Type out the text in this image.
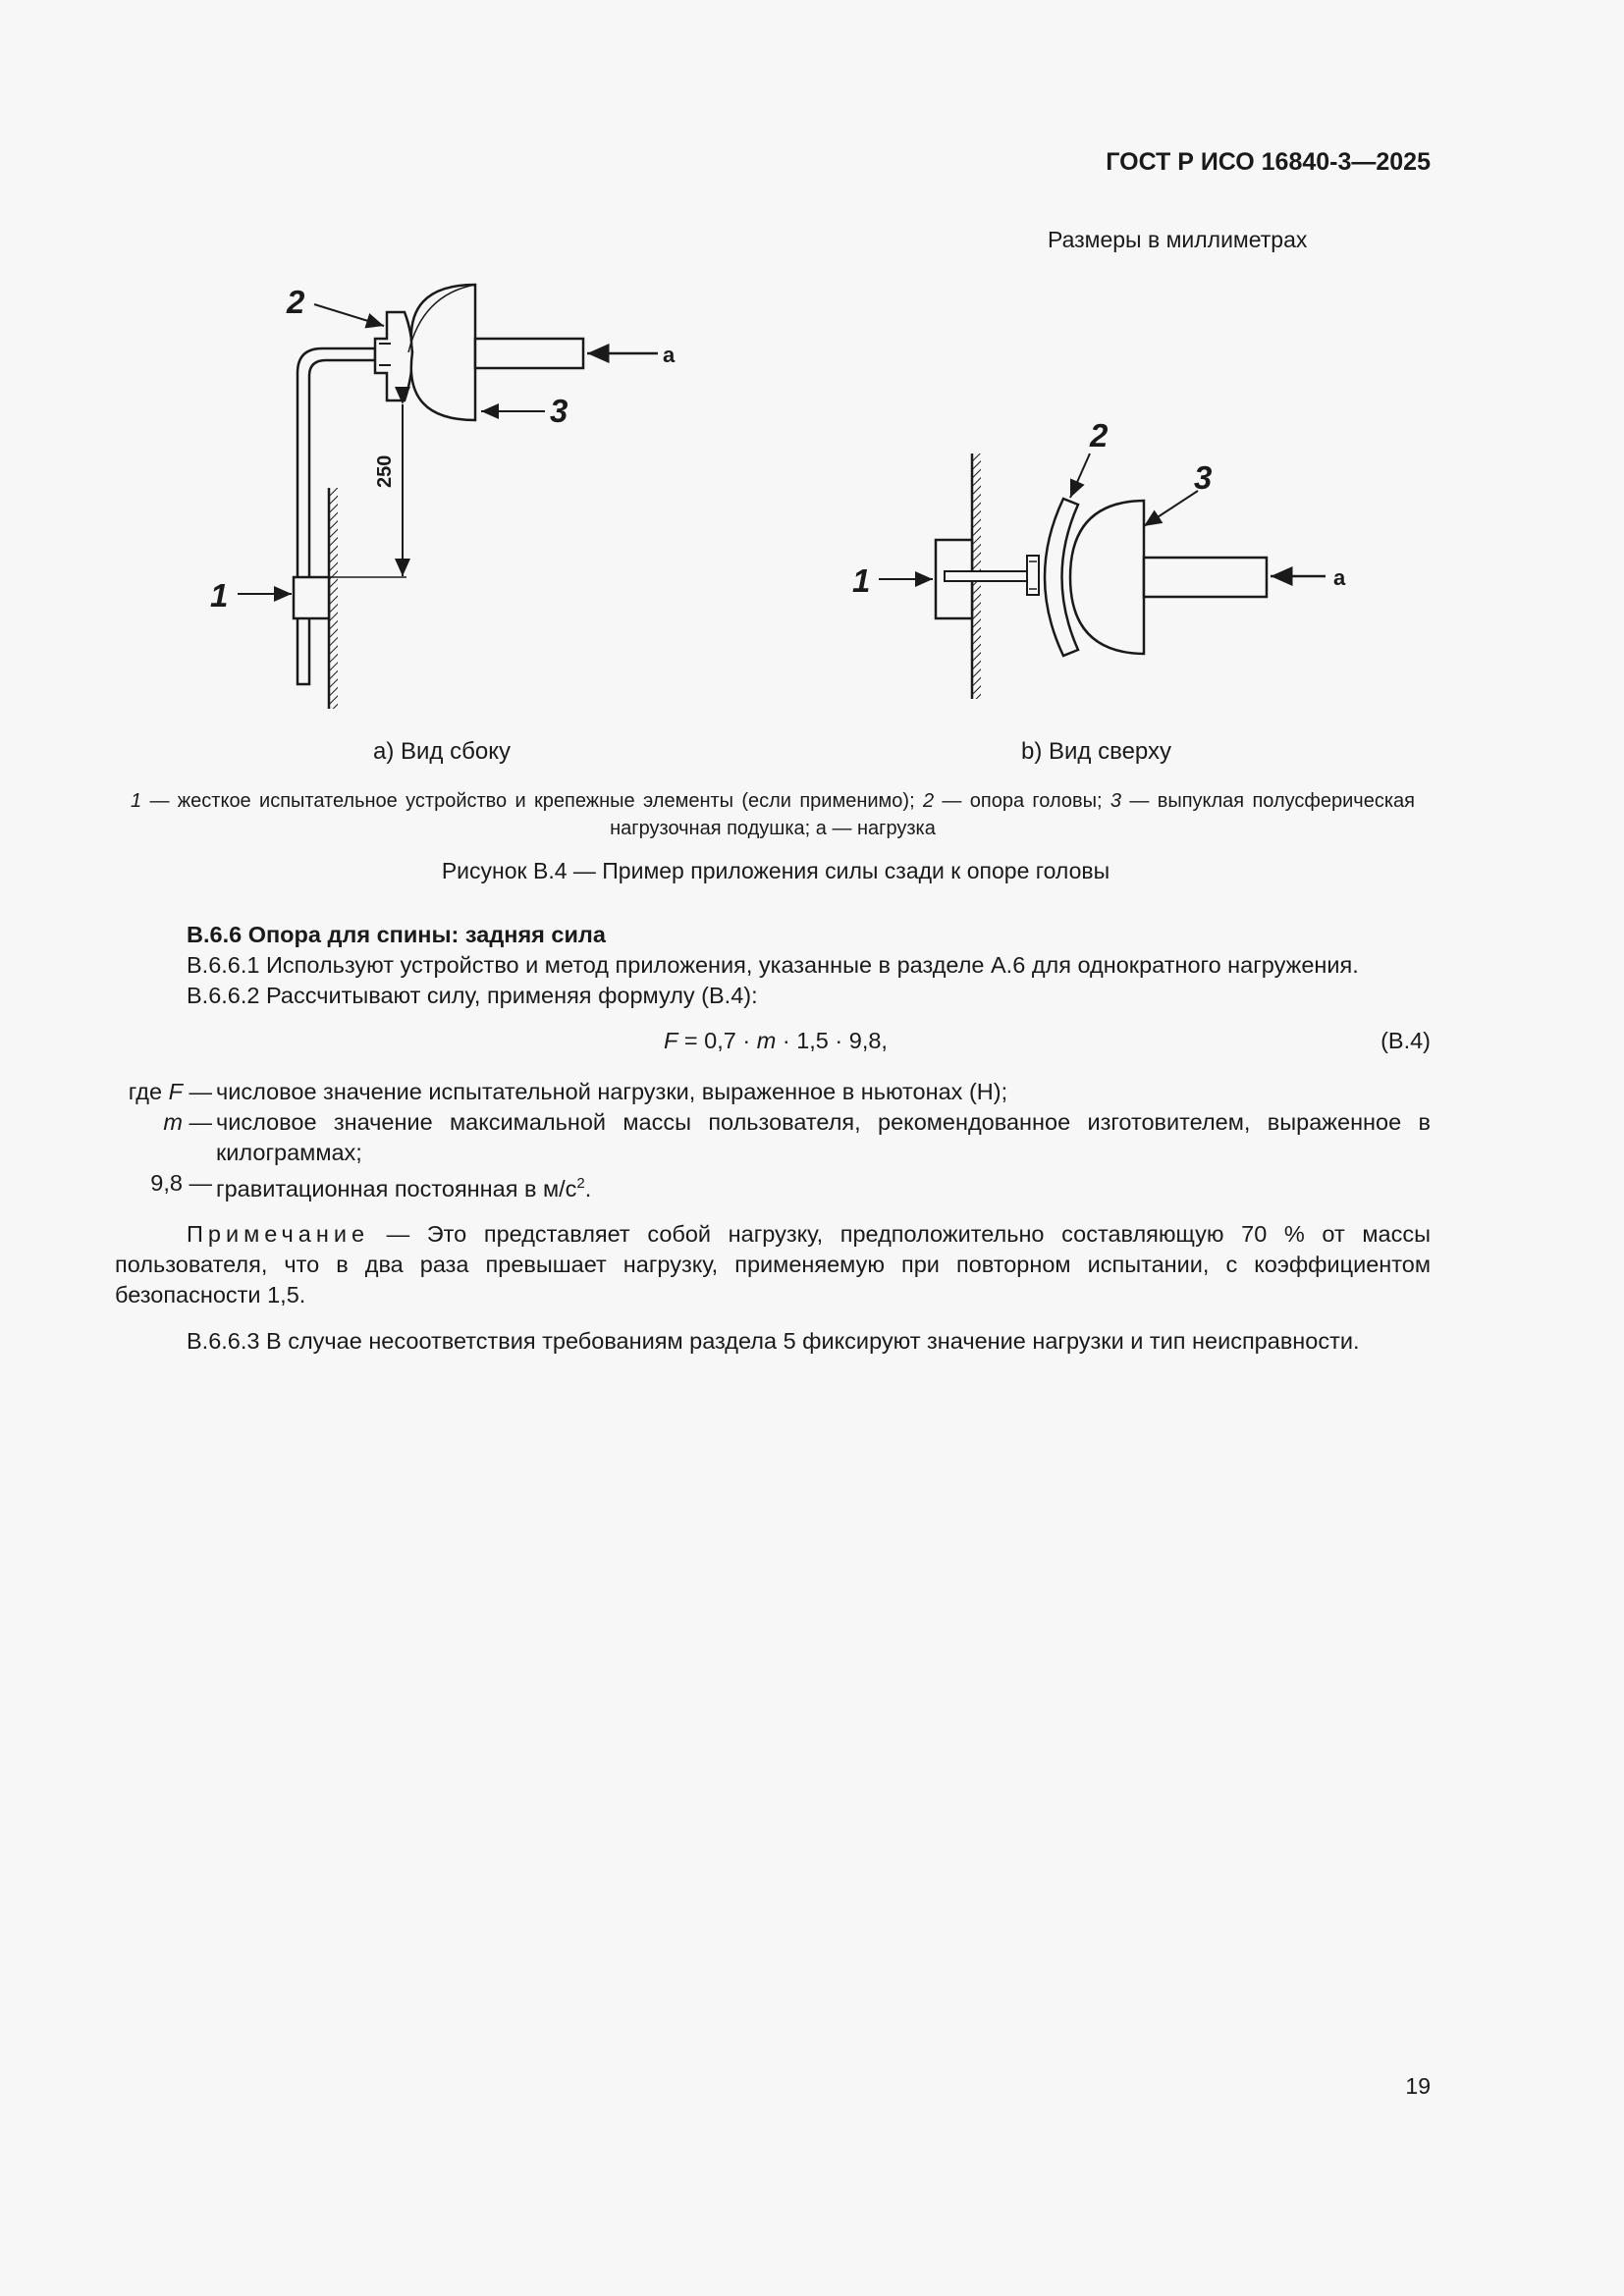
ГОСТ Р ИСО 16840-3—2025
Размеры в миллиметрах
a
2
3
1
250
a
1
2
3
a) Вид сбоку	b) Вид сверху
1 — жесткое испытательное устройство и крепежные элементы (если применимо); 2 — опора головы; 3 — выпуклая полусферическая нагрузочная подушка; а — нагрузка
Рисунок В.4 — Пример приложения силы сзади к опоре головы
В.6.6 Опора для спины: задняя сила
В.6.6.1 Используют устройство и метод приложения, указанные в разделе А.6 для однократного нагружения.
В.6.6.2 Рассчитывают силу, применяя формулу (В.4):
F = 0,7 · m · 1,5 · 9,8,	(В.4)
где F — числовое значение испытательной нагрузки, выраженное в ньютонах (Н);
m — числовое значение максимальной массы пользователя, рекомендованное изготовителем, выраженное в килограммах;
9,8 — гравитационная постоянная в $м/с^2$.
Примечание — Это представляет собой нагрузку, предположительно составляющую 70 % от массы пользователя, что в два раза превышает нагрузку, применяемую при повторном испытании, с коэффициентом безопасности 1,5.
В.6.6.3 В случае несоответствия требованиям раздела 5 фиксируют значение нагрузки и тип неисправности.
19
